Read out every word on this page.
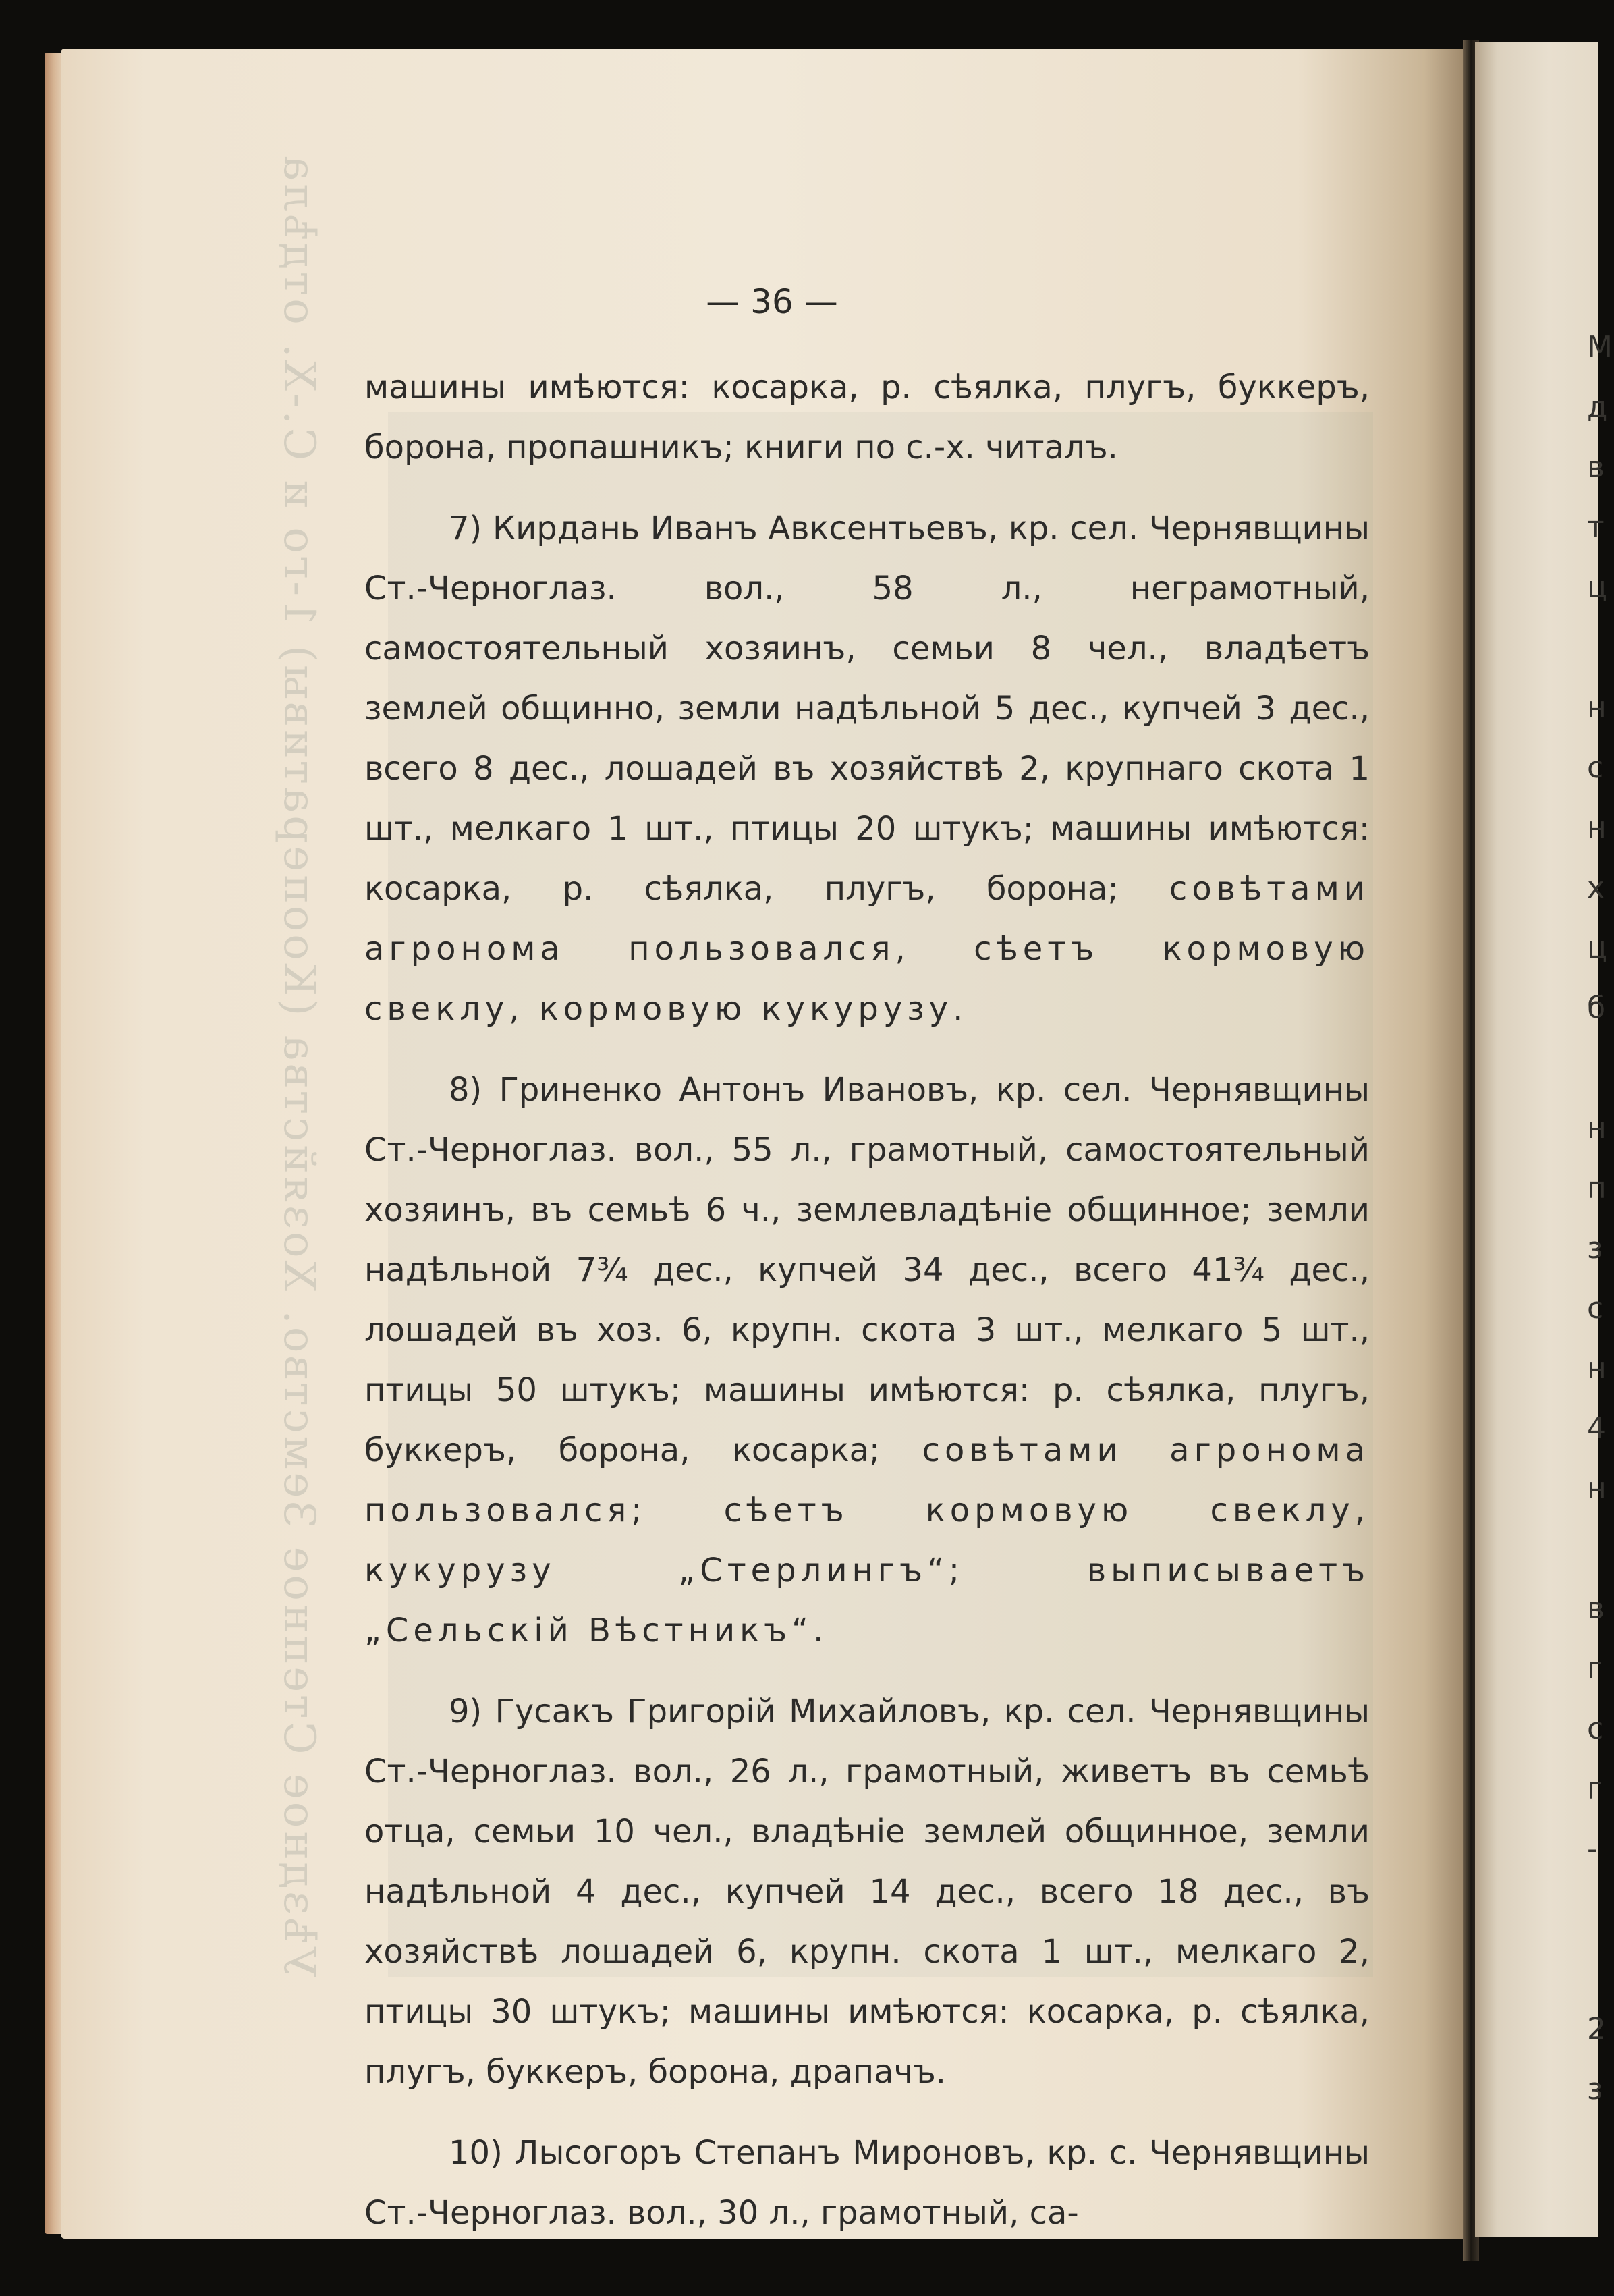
Уѣздное Степное Земство. Хозяйства (Кооперативы) 1-го и С.-Х. отдѣла	— 36 —

машины имѣются: косарка, р. сѣялка, плугъ, буккеръ, борона, пропашникъ; книги по с.-х. читалъ.

7) Кирдань Иванъ Авксентьевъ, кр. сел. Чернявщины Ст.-Черноглаз. вол., 58 л., неграмотный, самостоятельный хозяинъ, семьи 8 чел., владѣетъ землей общинно, земли надѣльной 5 дес., купчей 3 дес., всего 8 дес., лошадей въ хозяйствѣ 2, крупнаго скота 1 шт., мелкаго 1 шт., птицы 20 штукъ; машины имѣются: косарка, р. сѣялка, плугъ, борона; совѣтами агронома пользовался, сѣетъ кормовую свеклу, кормовую кукурузу.

8) Гриненко Антонъ Ивановъ, кр. сел. Чернявщины Ст.-Черноглаз. вол., 55 л., грамотный, самостоятельный хозяинъ, въ семьѣ 6 ч., землевладѣніе общинное; земли надѣльной 7¾ дес., купчей 34 дес., всего 41¾ дес., лошадей въ хоз. 6, крупн. скота 3 шт., мелкаго 5 шт., птицы 50 штукъ; машины имѣются: р. сѣялка, плугъ, буккеръ, борона, косарка; совѣтами агронома пользовался; сѣетъ кормовую свеклу, кукурузу „Стерлингъ“; выписываетъ „Сельскій Вѣстникъ“.

9) Гусакъ Григорій Михайловъ, кр. сел. Чернявщины Ст.-Черноглаз. вол., 26 л., грамотный, живетъ въ семьѣ отца, семьи 10 чел., владѣніе землей общинное, земли надѣльной 4 дес., купчей 14 дес., всего 18 дес., въ хозяйствѣ лошадей 6, крупн. скота 1 шт., мелкаго 2, птицы 30 штукъ; машины имѣются: косарка, р. сѣялка, плугъ, буккеръ, борона, драпачъ.

10) Лысогоръ Степанъ Мироновъ, кр. с. Чернявщины Ст.-Черноглаз. вол., 30 л., грамотный, са-

М
д
в
т
ц
н
с
н
х
ц
б
н
п
з
с
н
4
н
в
г
с
г
-
2
з
